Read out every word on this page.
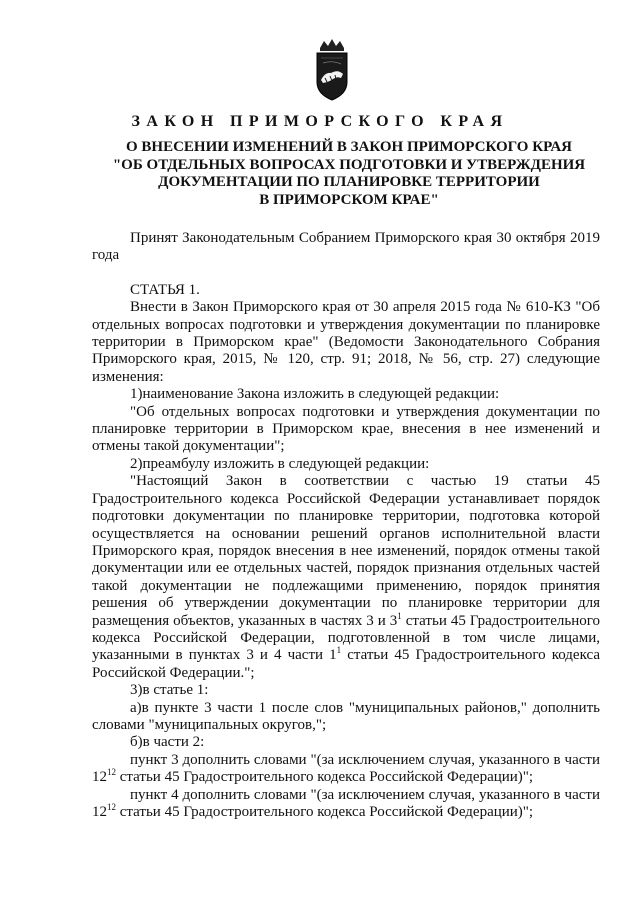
ЗАКОН ПРИМОРСКОГО КРАЯ
О ВНЕСЕНИИ ИЗМЕНЕНИЙ В ЗАКОН ПРИМОРСКОГО КРАЯ
"ОБ ОТДЕЛЬНЫХ ВОПРОСАХ ПОДГОТОВКИ И УТВЕРЖДЕНИЯ
ДОКУМЕНТАЦИИ ПО ПЛАНИРОВКЕ ТЕРРИТОРИИ
В ПРИМОРСКОМ КРАЕ"

Принят Законодательным Собранием Приморского края 30 октября 2019 года

СТАТЬЯ 1.

Внести в Закон Приморского края от 30 апреля 2015 года № 610-КЗ "Об отдельных вопросах подготовки и утверждения документации по планировке территории в Приморском крае" (Ведомости Законодательного Собрания Приморского края, 2015, № 120, стр. 91; 2018, № 56, стр. 27) следующие изменения:

1)наименование Закона изложить в следующей редакции:

"Об отдельных вопросах подготовки и утверждения документации по планировке территории в Приморском крае, внесения в нее изменений и отмены такой документации";

2)преамбулу изложить в следующей редакции:

"Настоящий Закон в соответствии с частью 19 статьи 45 Градостроительного кодекса Российской Федерации устанавливает порядок подготовки документации по планировке территории, подготовка которой осуществляется на основании решений органов исполнительной власти Приморского края, порядок внесения в нее изменений, порядок отмены такой документации или ее отдельных частей, порядок признания отдельных частей такой документации не подлежащими применению, порядок принятия решения об утверждении документации по планировке территории для размещения объектов, указанных в частях 3 и $3^1$ статьи 45 Градостроительного кодекса Российской Федерации, подготовленной в том числе лицами, указанными в пунктах 3 и 4 части $1^1$ статьи 45 Градостроительного кодекса Российской Федерации.";

3)в статье 1:

а)в пункте 3 части 1 после слов "муниципальных районов," дополнить словами "муниципальных округов,";

б)в части 2:

пункт 3 дополнить словами "(за исключением случая, указанного в части $12^{12}$ статьи 45 Градостроительного кодекса Российской Федерации)";

пункт 4 дополнить словами "(за исключением случая, указанного в части $12^{12}$ статьи 45 Градостроительного кодекса Российской Федерации)";
